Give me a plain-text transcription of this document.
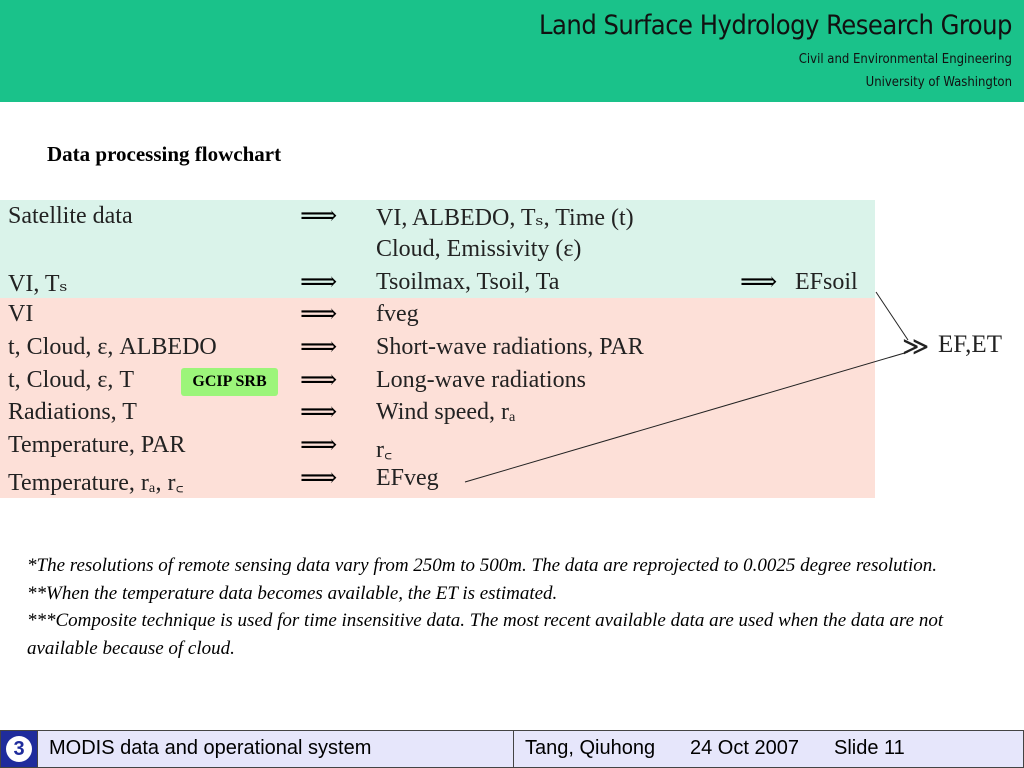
Land Surface Hydrology Research Group
Civil and Environmental Engineering
University of Washington
Data processing flowchart
Satellite data	⟹ VI, ALBEDO, Tₛ, Time (t)
Cloud, Emissivity (ε)
VI, Tₛ	⟹ Tsoilmax, Tsoil, Ta	⟹ EFsoil
VI	⟹ fveg
t, Cloud, ε, ALBEDO	⟹ Short-wave radiations, PAR
t, Cloud, ε, T	GCIP SRB	⟹ Long-wave radiations
Radiations, T	⟹ Wind speed, rₐ
Temperature, PAR	⟹ r꜀
Temperature, rₐ, r꜀	⟹ EFveg
≫ EF,ET
*The resolutions of remote sensing data vary from 250m to 500m. The data are reprojected to 0.0025 degree resolution.
**When the temperature data becomes available, the ET is estimated.
***Composite technique is used for time insensitive data. The most recent available data are used when the data are not available because of cloud.
3	MODIS data and operational system	Tang, Qiuhong 24 Oct 2007 Slide 11
